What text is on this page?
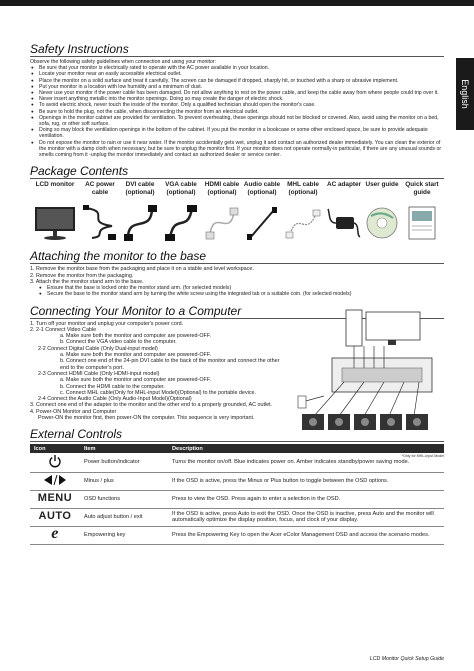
English
Safety Instructions

Observe the following safety guidelines when connection and using your monitor:

● Be sure that your monitor is electrically rated to operate with the AC power available in your location.
● Locate your monitor near an easily accessible electrical outlet.
● Place the monitor on a solid surface and treat it carefully. The screen can be damaged if dropped, sharply hit, or touched with a sharp or abrasive implement.
● Put your monitor in a location with low humidity and a minimum of dust.
● Never use your monitor if the power cable has been damaged. Do not allow anything to rest on the power cable, and keep the cable away from where people could trip over it.
● Never insert anything metallic into the monitor openings. Doing so may create the danger of electric shock.
● To avoid electric shock, never touch the inside of the monitor. Only a qualified technician should open the monitor's case.
● Be sure to hold the plug, not the cable, when disconnecting the monitor from an electrical outlet.
● Openings in the monitor cabinet are provided for ventilation. To prevent overheating, these openings should not be blocked or covered. Also, avoid using the monitor on a bed, sofa, rug, or other soft surface.
● Doing so may block the ventilation openings in the bottom of the cabinet. If you put the monitor in a bookcase or some other enclosed space, be sure to provide adequate ventilation.
● Do not expose the monitor to rain or use it near water. If the monitor accidentally gets wet, unplug it and contact an authorized dealer immediately. You can clean the exterior of the monitor with a damp cloth when necessary, but be sure to unplug the monitor first. If your monitor does not operate normally-in particular, if there are any unusual sounds or smells coming from it -unplug the monitor immediately and contact an authorized dealer or service center.
Package Contents
LCD monitor	AC power cable
DVI cable (optional)
VGA cable (optional)
HDMI cable (optional)
Audio cable (optional)
MHL cable (optional)
AC adapter User guide	Quick start guide
Attaching the monitor to the base
1. Remove the monitor base from the packaging and place it on a stable and level workspace.
2. Remove the monitor from the packaging.
3. Attach the the monitor stand arm to the base.
● Ensure that the base is locked onto the monitor stand arm. (for selected models)
● Secure the base to the monitor stand arm by turning the white screw using the integrated tab or a suitable coin. (for selected models)
Connecting Your Monitor to a Computer
1. Turn off your monitor and unplug your computer's power cord.
2. 2-1 Connect Video Cable
a. Make sure both the monitor and computer are powered-OFF.
b. Connect the VGA video cable to the computer.
2-2 Connect Digital Cable (Only Dual-input model)
a. Make sure both the monitor and computer are powered-OFF.
b. Connect one end of the 24-pin DVI cable to the back of the monitor and connect the other end to the computer's port.
2-3 Connect HDMI Cable (Only HDMI-input model)
a. Make sure both the monitor and computer are powered-OFF.
b. Connect the HDMI cable to the computer.
c. Connect MHL cable(Only for MHL-input Model)(Optional) to the portable device.
2-4 Connect the Audio Cable (Only Audio-Input Model)(Optional)
3. Connect one end of the adapter to the monitor and the other end to a properly grounded, AC outlet.
4. Power-ON Monitor and Computer
Power-ON the monitor first, then power-ON the computer. This sequence is very important.
*Only for MHL-input Model
External Controls
Icon	Item	Description
	Power button/indicator	Turns the monitor on/off. Blue indicates power on. Amber indicates standby/power saving mode.
	Minus / plus	If the OSD is active, press the Minus or Plus button to toggle between the OSD options.
MENU	OSD functions	Press to view the OSD. Press again to enter a selection in the OSD.
AUTO	Auto adjust button / exit	If the OSD is active, press Auto to exit the OSD. Once the OSD is inactive, press Auto and the monitor will automatically optimize the display position, focus, and clock of your display.
e	Empowering key	Press the Empowering Key to open the Acer eColor Management OSD and access the scenario modes.
LCD Monitor Quick Setup Guide
